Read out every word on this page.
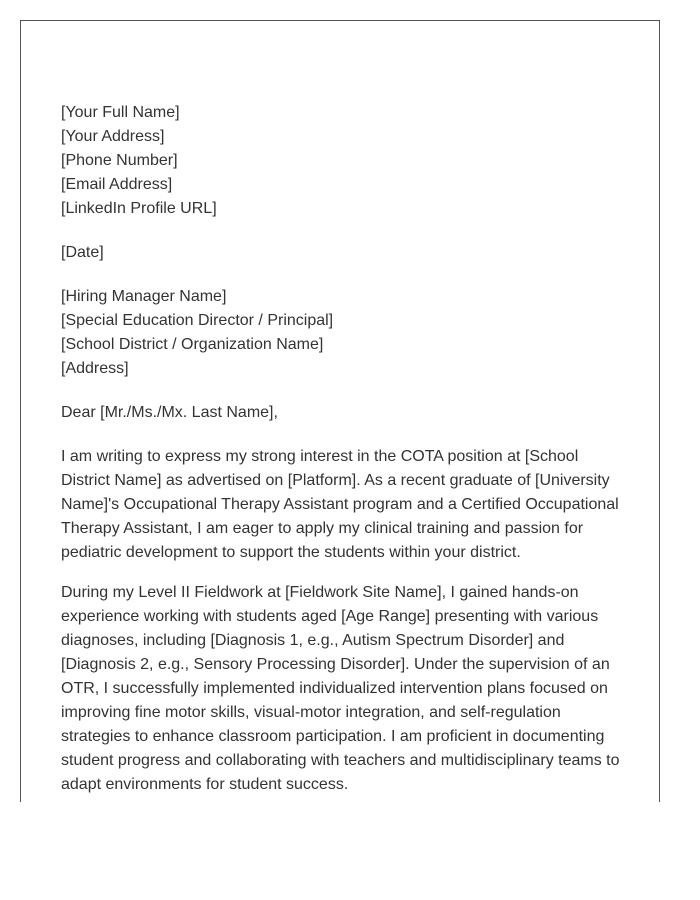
[Your Full Name]
[Your Address]
[Phone Number]
[Email Address]
[LinkedIn Profile URL]
[Date]
[Hiring Manager Name]
[Special Education Director / Principal]
[School District / Organization Name]
[Address]
Dear [Mr./Ms./Mx. Last Name],

I am writing to express my strong interest in the COTA position at [School District Name] as advertised on [Platform]. As a recent graduate of [University Name]'s Occupational Therapy Assistant program and a Certified Occupational Therapy Assistant, I am eager to apply my clinical training and passion for pediatric development to support the students within your district.

During my Level II Fieldwork at [Fieldwork Site Name], I gained hands-on experience working with students aged [Age Range] presenting with various diagnoses, including [Diagnosis 1, e.g., Autism Spectrum Disorder] and [Diagnosis 2, e.g., Sensory Processing Disorder]. Under the supervision of an OTR, I successfully implemented individualized intervention plans focused on improving fine motor skills, visual-motor integration, and self-regulation strategies to enhance classroom participation. I am proficient in documenting student progress and collaborating with teachers and multidisciplinary teams to adapt environments for student success.
